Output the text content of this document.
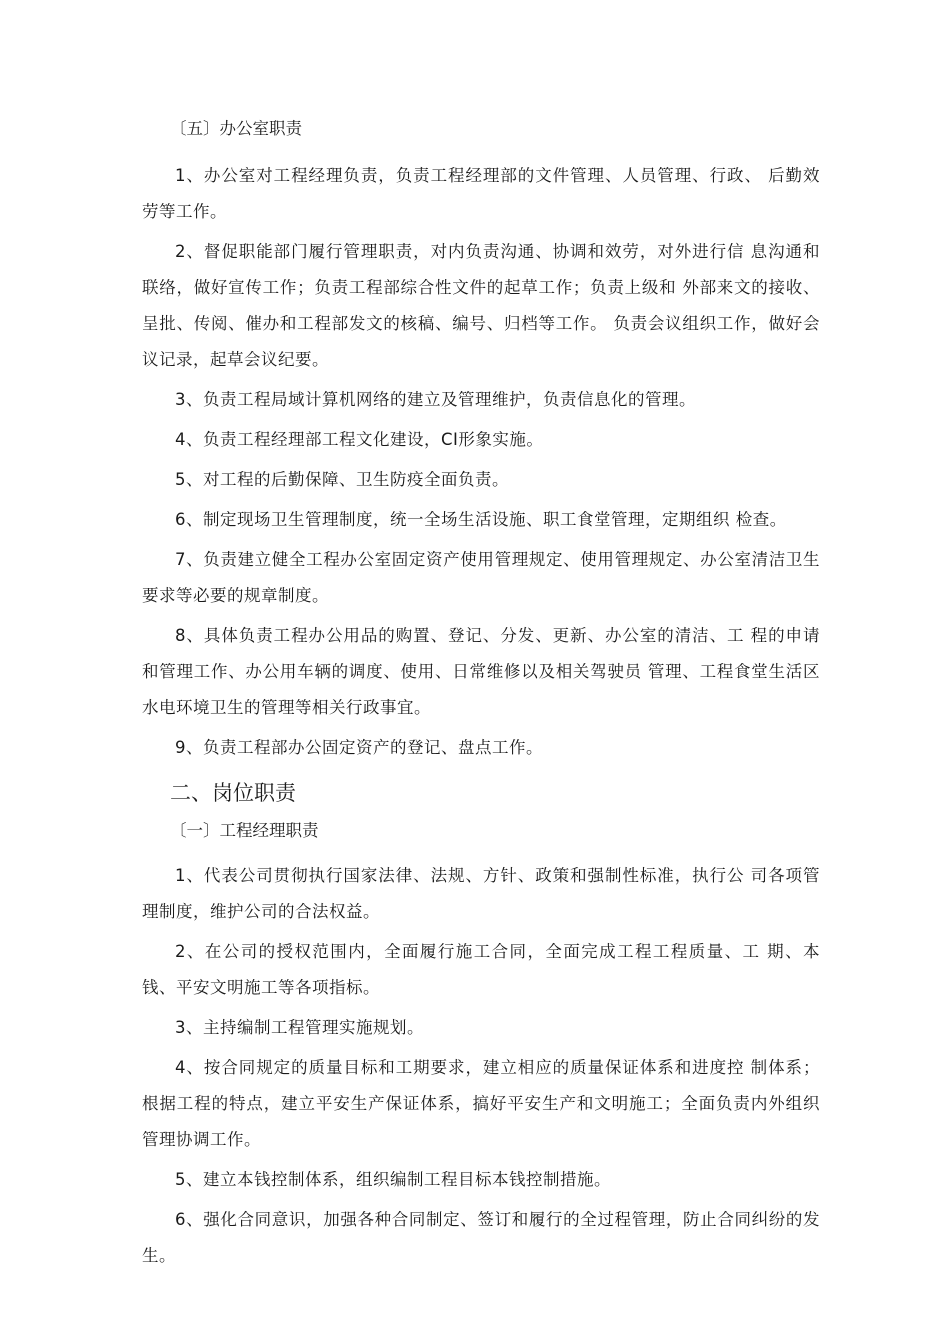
〔五〕办公室职责

1、办公室对工程经理负责，负责工程经理部的文件管理、人员管理、行政、 后勤效劳等工作。

2、督促职能部门履行管理职责，对内负责沟通、协调和效劳，对外进行信 息沟通和联络，做好宣传工作；负责工程部综合性文件的起草工作；负责上级和 外部来文的接收、呈批、传阅、催办和工程部发文的核稿、编号、归档等工作。 负责会议组织工作，做好会议记录，起草会议纪要。

3、负责工程局域计算机网络的建立及管理维护，负责信息化的管理。

4、负责工程经理部工程文化建设，CI形象实施。

5、对工程的后勤保障、卫生防疫全面负责。

6、制定现场卫生管理制度，统一全场生活设施、职工食堂管理，定期组织 检查。

7、负责建立健全工程办公室固定资产使用管理规定、使用管理规定、办公室清洁卫生要求等必要的规章制度。

8、具体负责工程办公用品的购置、登记、分发、更新、办公室的清洁、工 程的申请和管理工作、办公用车辆的调度、使用、日常维修以及相关驾驶员 管理、工程食堂生活区水电环境卫生的管理等相关行政事宜。

9、负责工程部办公固定资产的登记、盘点工作。

二、岗位职责
〔一〕工程经理职责

1、代表公司贯彻执行国家法律、法规、方针、政策和强制性标准，执行公 司各项管理制度，维护公司的合法权益。

2、在公司的授权范围内，全面履行施工合同，全面完成工程工程质量、工 期、本钱、平安文明施工等各项指标。

3、主持编制工程管理实施规划。

4、按合同规定的质量目标和工期要求，建立相应的质量保证体系和进度控 制体系；根据工程的特点，建立平安生产保证体系，搞好平安生产和文明施工；全面负责内外组织管理协调工作。

5、建立本钱控制体系，组织编制工程目标本钱控制措施。

6、强化合同意识，加强各种合同制定、签订和履行的全过程管理，防止合同纠纷的发生。
